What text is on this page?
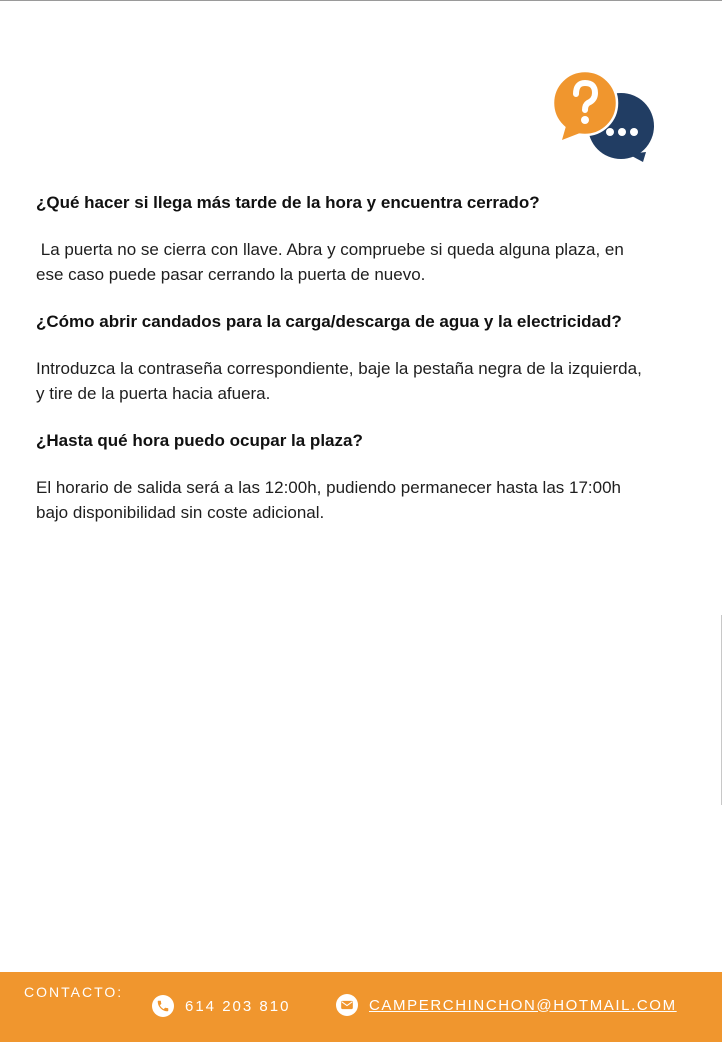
¿Qué hacer si llega más tarde de la hora y encuentra cerrado?

La puerta no se cierra con llave. Abra y compruebe si queda alguna plaza, en ese caso puede pasar cerrando la puerta de nuevo.

¿Cómo abrir candados para la carga/descarga de agua y la electricidad?

Introduzca la contraseña correspondiente, baje la pestaña negra de la izquierda, y tire de la puerta hacia afuera.

¿Hasta qué hora puedo ocupar la plaza?

El horario de salida será a las 12:00h, pudiendo permanecer hasta las 17:00h bajo disponibilidad sin coste adicional.

CONTACTO:
614 203 810	CAMPERCHINCHON@HOTMAIL.COM
